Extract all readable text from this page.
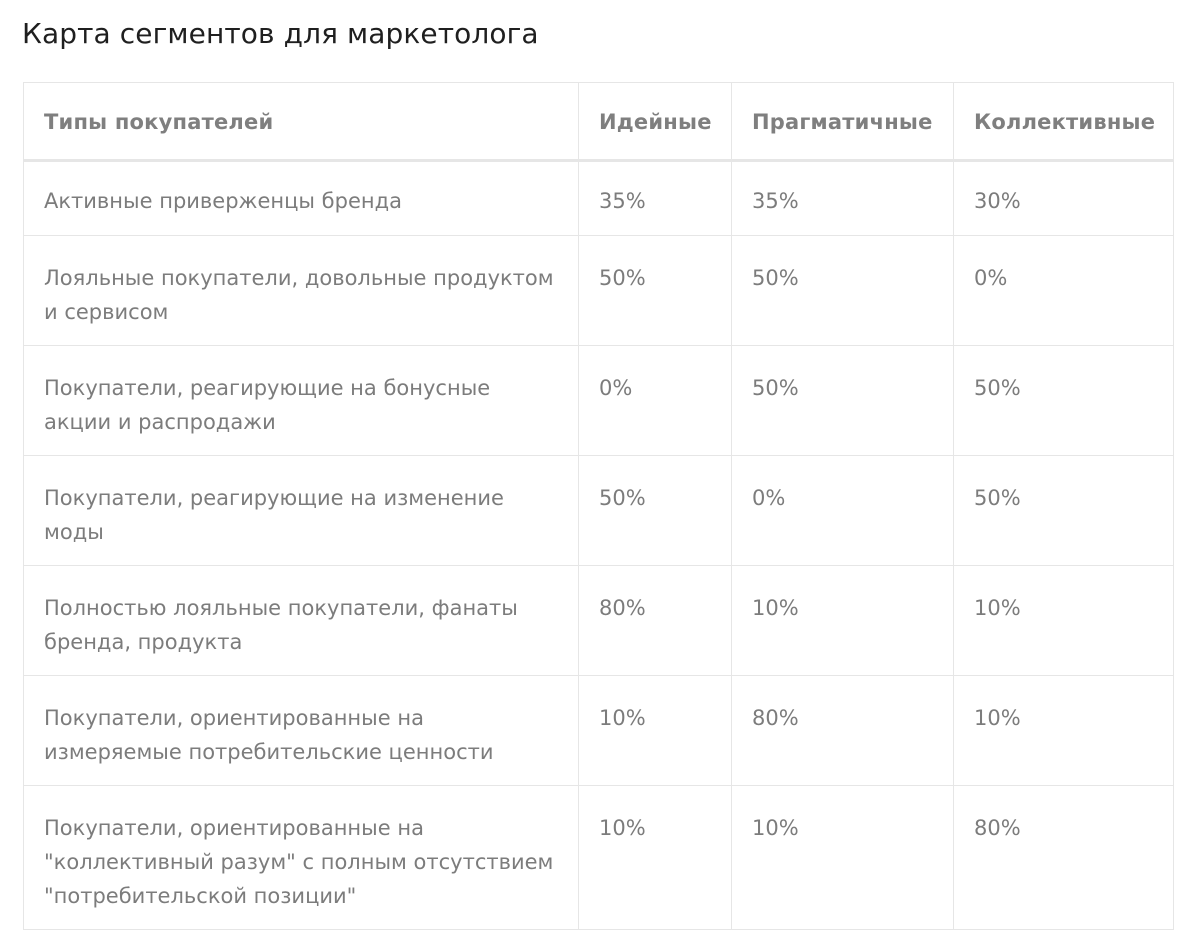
Карта сегментов для маркетолога
Типы покупателей	Идейные	Прагматичные	Коллективные
Активные приверженцы бренда	35%	35%	30%
Лояльные покупатели, довольные продуктом и сервисом	50%	50%	0%
Покупатели, реагирующие на бонусные акции и распродажи	0%	50%	50%
Покупатели, реагирующие на изменение моды	50%	0%	50%
Полностью лояльные покупатели, фанаты бренда, продукта	80%	10%	10%
Покупатели, ориентированные на измеряемые потребительские ценности	10%	80%	10%
Покупатели, ориентированные на "коллективный разум" с полным отсутствием "потребительской позиции"	10%	10%	80%
